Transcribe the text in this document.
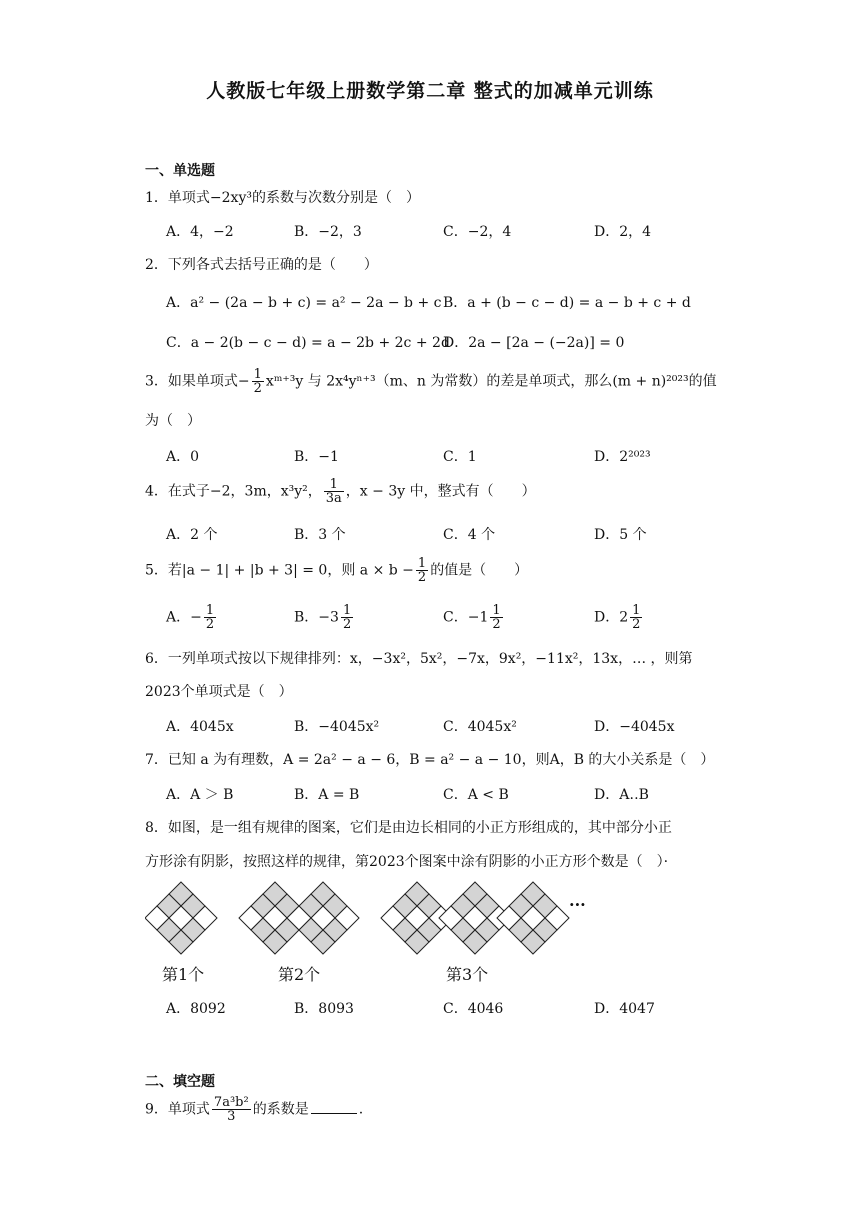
人教版七年级上册数学第二章 整式的加减单元训练
一、单选题
1．单项式−2xy³的系数与次数分别是（　）
A．4，−2	B．−2，3	C．−2，4	D．2，4
2．下列各式去括号正确的是（　　）
A．a² − (2a − b + c) = a² − 2a − b + c B．a + (b − c − d) = a − b + c + d
C．a − 2(b − c − d) = a − 2b + 2c + 2d
D．2a − [2a − (−2a)] = 0
3．如果单项式− $\frac{1}{2}$ xᵐ⁺³y 与 2x⁴yⁿ⁺³（m、n 为常数）的差是单项式，那么(m + n)²⁰²³的值
为（　）
A．0	B．−1	C．1	D．2²⁰²³
4．在式子−2，3m，x³y²， $\frac{1}{3a}$ ，x − 3y 中，整式有（　　）
A．2 个	B．3 个	C．4 个	D．5 个
5．若|a − 1| + |b + 3| = 0，则 $a \times b - \frac{1}{2}$ 的值是（　　）
A．− $\frac{1}{2}$	B．$-3 \frac{1}{2}$	C．$-1 \frac{1}{2}$	D．$2 \frac{1}{2}$
6．一列单项式按以下规律排列：x，−3x²，5x²，−7x，9x²，−11x²，13x，… ，则第
2023个单项式是（　）
A．4045x	B．−4045x²	C．4045x²	D．−4045x
7．已知 a 为有理数，A = 2a² − a − 6，B = a² − a − 10，则A，B 的大小关系是（　）
A．A ＞ B	B．A = B	C．A < B	D．A‥B
8．如图，是一组有规律的图案，它们是由边长相同的小正方形组成的，其中部分小正
方形涂有阴影，按照这样的规律，第2023个图案中涂有阴影的小正方形个数是（　）·
第1个	第2个	第3个
···
A．8092	B．8093	C．4046	D．4047
二、填空题
9．单项式 $\frac{\text{7a³b²}}{3}$ 的系数是	.
